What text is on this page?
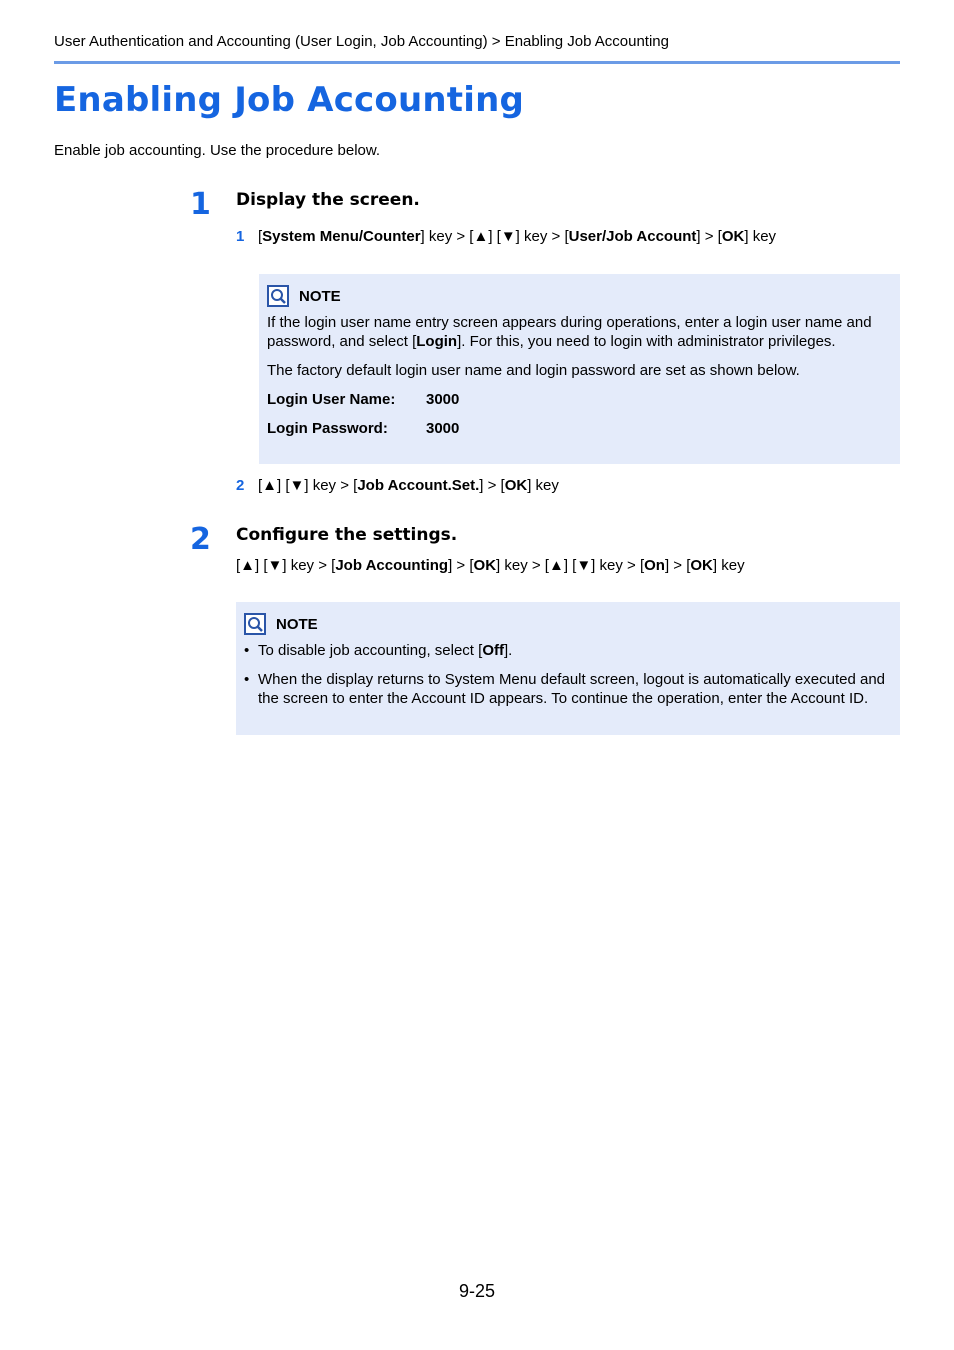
User Authentication and Accounting (User Login, Job Accounting) > Enabling Job Accounting
Enabling Job Accounting
Enable job accounting. Use the procedure below.
1 Display the screen.
1 [System Menu/Counter] key > [▲] [▼] key > [User/Job Account] > [OK] key
NOTE

If the login user name entry screen appears during operations, enter a login user name and password, and select [Login]. For this, you need to login with administrator privileges.

The factory default login user name and login password are set as shown below.

Login User Name:	3000
Login Password:	3000
2 [▲] [▼] key > [Job Account.Set.] > [OK] key
2 Configure the settings.
[▲] [▼] key > [Job Accounting] > [OK] key > [▲] [▼] key > [On] > [OK] key
NOTE
• To disable job accounting, select [Off].
• When the display returns to System Menu default screen, logout is automatically executed and the screen to enter the Account ID appears. To continue the operation, enter the Account ID.
9-25
